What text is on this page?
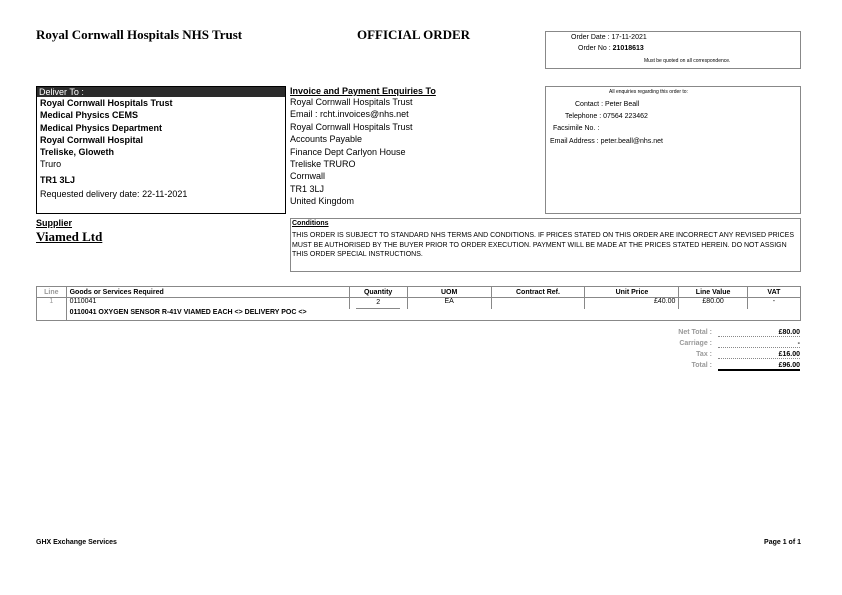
Royal Cornwall Hospitals NHS Trust	OFFICIAL ORDER	Order Date : 17-11-2021
Order No : 21018613
Must be quoted on all correspondence.
Deliver To :
Royal Cornwall Hospitals Trust
Medical Physics CEMS
Medical Physics Department
Royal Cornwall Hospital
Treliske, Gloweth
Truro
TR1 3LJ
Requested delivery date: 22-11-2021
Invoice and Payment Enquiries To
Royal Cornwall Hospitals Trust
Email : rcht.invoices@nhs.net
Royal Cornwall Hospitals Trust
Accounts Payable
Finance Dept Carlyon House
Treliske TRURO
Cornwall
TR1 3LJ
United Kingdom
All enquiries regarding this order to:
Contact : Peter Beall
Telephone : 07564 223462
Facsimile No. :
Email Address : peter.beall@nhs.net
Supplier
Viamed Ltd
Conditions
THIS ORDER IS SUBJECT TO STANDARD NHS TERMS AND CONDITIONS. IF PRICES STATED ON THIS ORDER ARE INCORRECT ANY REVISED PRICES MUST BE AUTHORISED BY THE BUYER PRIOR TO ORDER EXECUTION. PAYMENT WILL BE MADE AT THE PRICES STATED HEREIN. DO NOT ASSIGN THIS ORDER SPECIAL INSTRUCTIONS.
Line	Goods or Services Required	Quantity	UOM	Contract Ref.	Unit Price	Line Value	VAT
1	0110041	2	EA		£40.00	£80.00	-
	0110041 OXYGEN SENSOR R-41V VIAMED EACH <> DELIVERY POC <>						
Net Total :	£80.00
Carriage :	-
Tax :	£16.00
Total :	£96.00
GHX Exchange Services	Page 1 of 1
